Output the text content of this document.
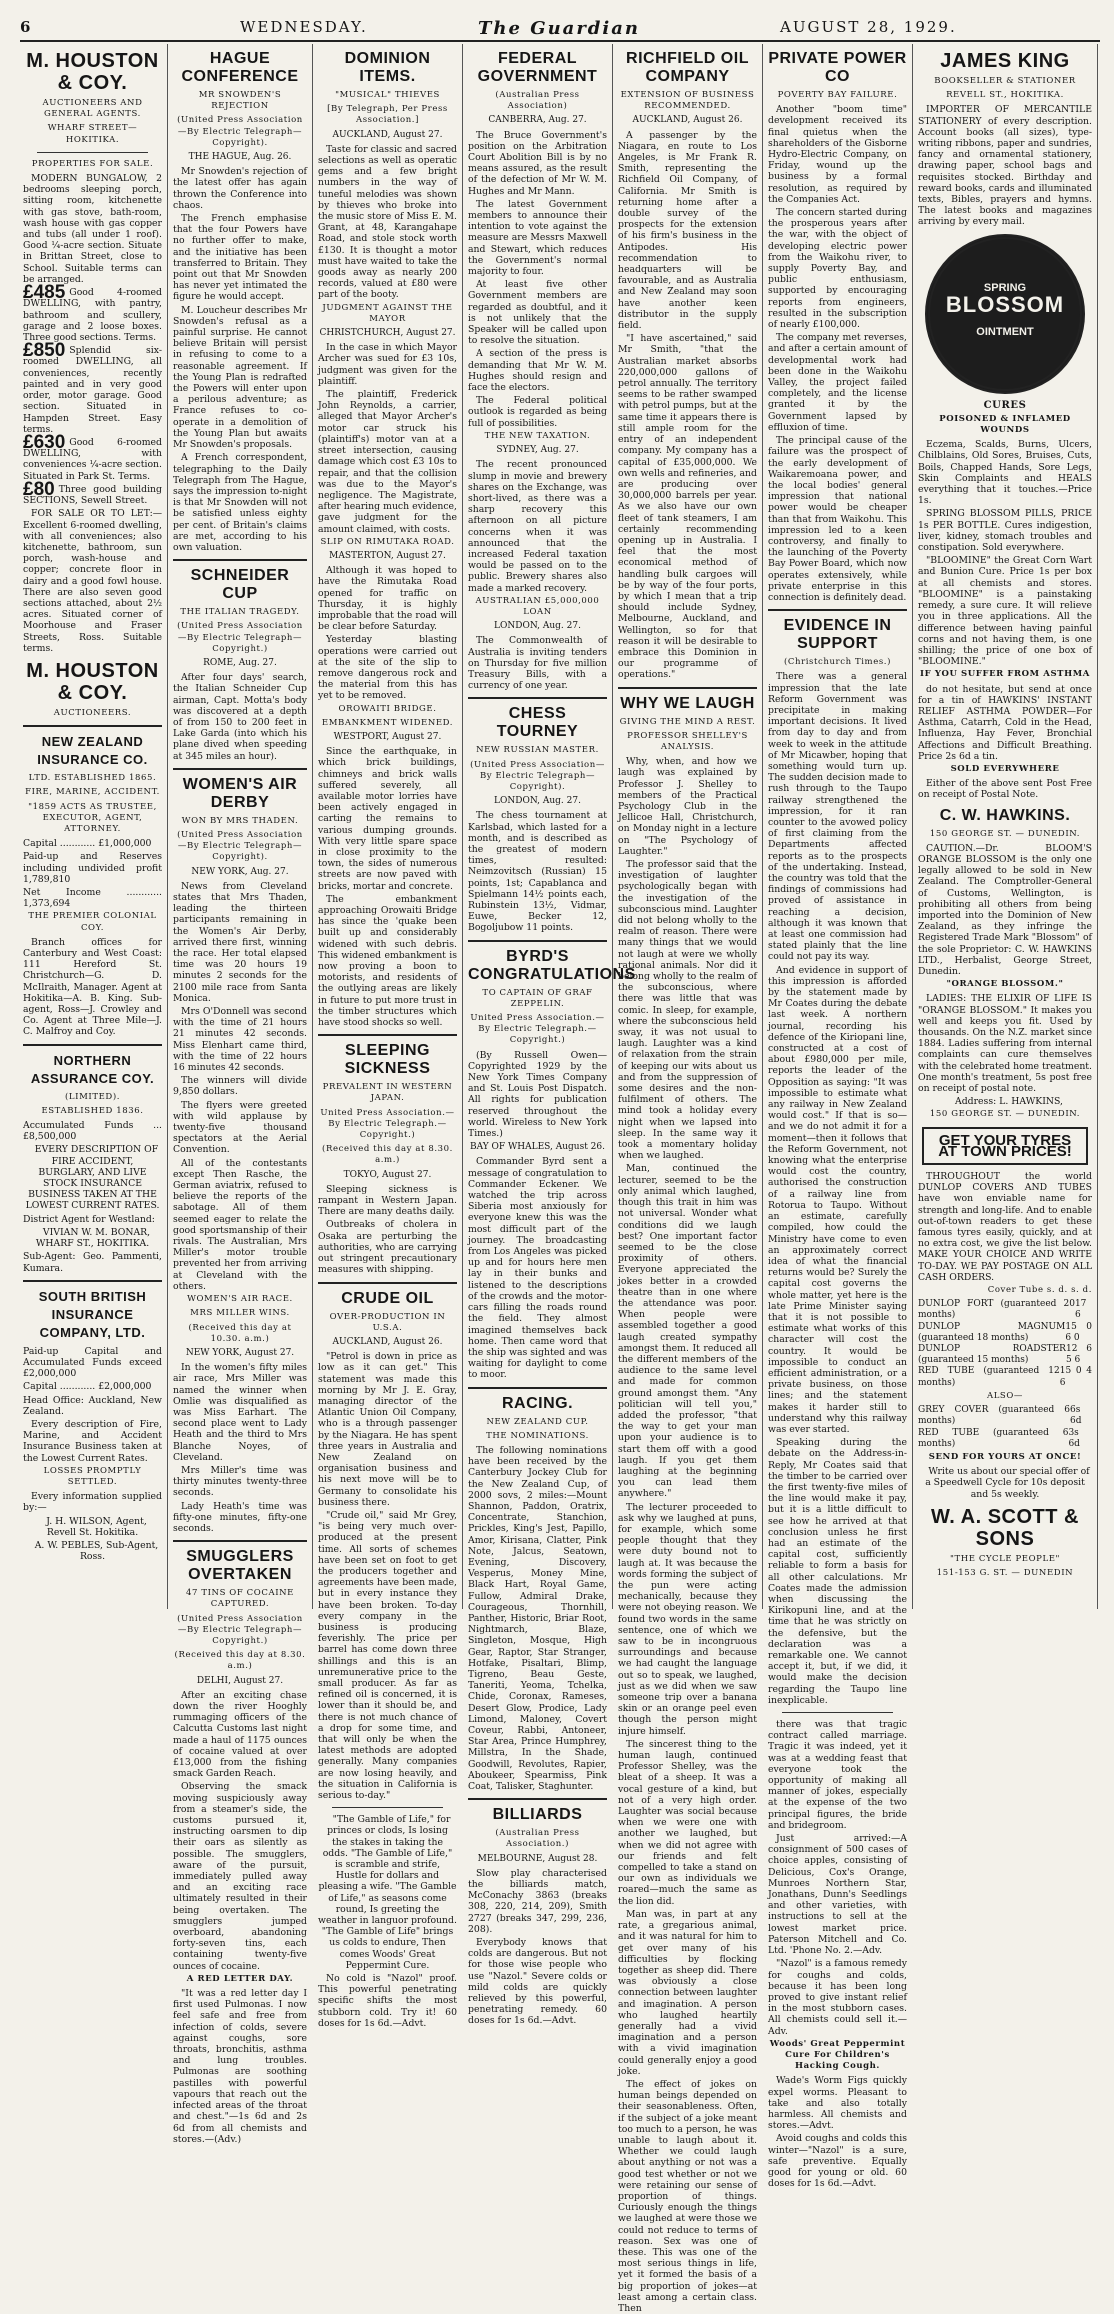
6	WEDNESDAY.	The Guardian	AUGUST 28, 1929.
M. HOUSTON & COY.
AUCTIONEERS AND GENERAL AGENTS.
WHARF STREET—HOKITIKA.
PROPERTIES FOR SALE.

MODERN BUNGALOW, 2 bedrooms sleeping porch, sitting room, kitchenette with gas stove, bath-room, wash house with gas copper and tubs (all under 1 roof). Good ¼-acre section. Situate in Brittan Street, close to School. Suitable terms can be arranged.

£485 Good 4-roomed DWELLING, with pantry, bathroom and scullery, garage and 2 loose boxes. Three good sections. Terms.

£850 Splendid six-roomed DWELLING, all conveniences, recently painted and in very good order, motor garage. Good section. Situated in Hampden Street. Easy terms.

£630 Good 6-roomed DWELLING, with conveniences ¼-acre section. Situated in Park St. Terms.

£80 Three good building SECTIONS, Sewell Street.

FOR SALE OR TO LET:—Excellent 6-roomed dwelling, with all conveniences; also kitchenette, bathroom, sun porch, wash-house and copper; concrete floor in dairy and a good fowl house. There are also seven good sections attached, about 2½ acres. Situated corner of Moorhouse and Fraser Streets, Ross. Suitable terms.

M. HOUSTON & COY.
AUCTIONEERS.
NEW ZEALAND INSURANCE CO.
LTD. ESTABLISHED 1865.
FIRE, MARINE, ACCIDENT.
"1859 ACTS AS TRUSTEE, EXECUTOR, AGENT, ATTORNEY.

Capital ............ £1,000,000

Paid-up and Reserves including undivided profit 1,789,810

Net Income ............ 1,373,694

THE PREMIER COLONIAL COY.

Branch offices for Canterbury and West Coast: 111 Hereford St. Christchurch—G. D. McIlraith, Manager. Agent at Hokitika—A. B. King. Sub-agent, Ross—J. Crowley and Co. Agent at Three Mile—J. C. Malfroy and Coy.

NORTHERN ASSURANCE COY.
(LIMITED).
ESTABLISHED 1836.

Accumulated Funds ... £8,500,000

EVERY DESCRIPTION OF FIRE ACCIDENT, BURGLARY, AND LIVE STOCK INSURANCE BUSINESS TAKEN AT THE LOWEST CURRENT RATES.

District Agent for Westland:

VIVIAN W. M. BONAR, WHARF ST., HOKITIKA.

Sub-Agent: Geo. Pammenti, Kumara.

SOUTH BRITISH INSURANCE COMPANY, LTD.

Paid-up Capital and Accumulated Funds exceed £2,000,000

Capital ............ £2,000,000

Head Office: Auckland, New Zealand.

Every description of Fire, Marine, and Accident Insurance Business taken at the Lowest Current Rates.

LOSSES PROMPTLY SETTLED.

Every information supplied by:—

J. H. WILSON, Agent, Revell St. Hokitika.

A. W. PEBLES, Sub-Agent, Ross.

HAGUE CONFERENCE
MR SNOWDEN'S REJECTION
(United Press Association—By Electric Telegraph—Copyright).
THE HAGUE, Aug. 26.

Mr Snowden's rejection of the latest offer has again thrown the Conference into chaos.

The French emphasise that the four Powers have no further offer to make, and the initiative has been transferred to Britain. They point out that Mr Snowden has never yet intimated the figure he would accept.

M. Loucheur describes Mr Snowden's refusal as a painful surprise. He cannot believe Britain will persist in refusing to come to a reasonable agreement. If the Young Plan is redrafted the Powers will enter upon a perilous adventure; as France refuses to co-operate in a demolition of the Young Plan but awaits Mr Snowden's proposals.

A French correspondent, telegraphing to the Daily Telegraph from The Hague, says the impression to-night is that Mr Snowden will not be satisfied unless eighty per cent. of Britain's claims are met, according to his own valuation.

SCHNEIDER CUP
THE ITALIAN TRAGEDY.
(United Press Association—By Electric Telegraph—Copyright.)
ROME, Aug. 27.

After four days' search, the Italian Schneider Cup airman, Capt. Motta's body was discovered at a depth of from 150 to 200 feet in Lake Garda (into which his plane dived when speeding at 345 miles an hour).

WOMEN'S AIR DERBY
WON BY MRS THADEN.
(United Press Association—By Electric Telegraph—Copyright).
NEW YORK, Aug. 27.

News from Cleveland states that Mrs Thaden, leading the thirteen participants remaining in the Women's Air Derby, arrived there first, winning the race. Her total elapsed time was 20 hours 19 minutes 2 seconds for the 2100 mile race from Santa Monica.

Mrs O'Donnell was second with the time of 21 hours 21 minutes 42 seconds. Miss Elenhart came third, with the time of 22 hours 16 minutes 42 seconds.

The winners will divide 9,850 dollars.

The flyers were greeted with wild applause by twenty-five thousand spectators at the Aerial Convention.

All of the contestants except Then Rasche, the German aviatrix, refused to believe the reports of the sabotage. All of them seemed eager to relate the good sportsmanship of their rivals. The Australian, Mrs Miller's motor trouble prevented her from arriving at Cleveland with the others.

WOMEN'S AIR RACE.
MRS MILLER WINS.
(Received this day at 10.30. a.m.)
NEW YORK, August 27.

In the women's fifty miles air race, Mrs Miller was named the winner when Omlie was disqualified as was Miss Earhart. The second place went to Lady Heath and the third to Mrs Blanche Noyes, of Cleveland.

Mrs Miller's time was thirty minutes twenty-three seconds.

Lady Heath's time was fifty-one minutes, fifty-one seconds.

SMUGGLERS OVERTAKEN
47 TINS OF COCAINE CAPTURED.
(United Press Association—By Electric Telegraph—Copyright.)
(Received this day at 8.30. a.m.)
DELHI, August 27.

After an exciting chase down the river Hooghly rummaging officers of the Calcutta Customs last night made a haul of 1175 ounces of cocaine valued at over £13,000 from the fishing smack Garden Reach.

Observing the smack moving suspiciously away from a steamer's side, the customs pursued it, instructing oarsmen to dip their oars as silently as possible. The smugglers, aware of the pursuit, immediately pulled away and an exciting race ultimately resulted in their being overtaken. The smugglers jumped overboard, abandoning forty-seven tins, each containing twenty-five ounces of cocaine.

A RED LETTER DAY.

"It was a red letter day I first used Pulmonas. I now feel safe and free from infection of colds, severe against coughs, sore throats, bronchitis, asthma and lung troubles. Pulmonas are soothing pastilles with powerful vapours that reach out the infected areas of the throat and chest."—1s 6d and 2s 6d from all chemists and stores.—(Adv.)

DOMINION ITEMS.
"MUSICAL" THIEVES
[By Telegraph, Per Press Association.]
AUCKLAND, August 27.

Taste for classic and sacred selections as well as operatic gems and a few bright numbers in the way of tuneful melodies was shown by thieves who broke into the music store of Miss E. M. Grant, at 48, Karangahape Road, and stole stock worth £130. It is thought a motor must have waited to take the goods away as nearly 200 records, valued at £80 were part of the booty.

JUDGMENT AGAINST THE MAYOR
CHRISTCHURCH, August 27.

In the case in which Mayor Archer was sued for £3 10s, judgment was given for the plaintiff.

The plaintiff, Frederick John Reynolds, a carrier, alleged that Mayor Archer's motor car struck his (plaintiff's) motor van at a street intersection, causing damage which cost £3 10s to repair, and that the collision was due to the Mayor's negligence. The Magistrate, after hearing much evidence, gave judgment for the amount claimed, with costs.

SLIP ON RIMUTAKA ROAD.
MASTERTON, August 27.

Although it was hoped to have the Rimutaka Road opened for traffic on Thursday, it is highly improbable that the road will be clear before Saturday.

Yesterday blasting operations were carried out at the site of the slip to remove dangerous rock and the material from this has yet to be removed.

OROWAITI BRIDGE.
EMBANKMENT WIDENED.
WESTPORT, August 27.

Since the earthquake, in which brick buildings, chimneys and brick walls suffered severely, all available motor lorries have been actively engaged in carting the remains to various dumping grounds. With very little spare space in close proximity to the town, the sides of numerous streets are now paved with bricks, mortar and concrete.

The embankment approaching Orowaiti Bridge has since the 'quake been built up and considerably widened with such debris. This widened embankment is now proving a boon to motorists, and residents of the outlying areas are likely in future to put more trust in the timber structures which have stood shocks so well.

SLEEPING SICKNESS
PREVALENT IN WESTERN JAPAN.
United Press Association.—By Electric Telegraph.—Copyright.)
(Received this day at 8.30. a.m.)
TOKYO, August 27.

Sleeping sickness is rampant in Western Japan. There are many deaths daily.

Outbreaks of cholera in Osaka are perturbing the authorities, who are carrying out stringent precautionary measures with shipping.

CRUDE OIL
OVER-PRODUCTION IN U.S.A.
AUCKLAND, August 26.

"Petrol is down in price as low as it can get." This statement was made this morning by Mr J. E. Gray, managing director of the Atlantic Union Oil Company, who is a through passenger by the Niagara. He has spent three years in Australia and New Zealand on organisation business and his next move will be to Germany to consolidate his business there.

"Crude oil," said Mr Grey, "is being very much over-produced at the present time. All sorts of schemes have been set on foot to get the producers together and agreements have been made, but in every instance they have been broken. To-day every company in the business is producing feverishly. The price per barrel has come down three shillings and this is an unremunerative price to the small producer. As far as refined oil is concerned, it is lower than it should be, and there is not much chance of a drop for some time, and that will only be when the latest methods are adopted generally. Many companies are now losing heavily, and the situation in California is serious to-day."

"The Gamble of Life," for princes or clods, Is losing the stakes in taking the odds. "The Gamble of Life," is scramble and strife, Hustle for dollars and pleasing a wife. "The Gamble of Life," as seasons come round, Is greeting the weather in languor profound. "The Gamble of Life" brings us colds to endure, Then comes Woods' Great Peppermint Cure.

No cold is "Nazol" proof. This powerful penetrating specific shifts the most stubborn cold. Try it! 60 doses for 1s 6d.—Advt.

FEDERAL GOVERNMENT
(Australian Press Association)
CANBERRA, Aug. 27.

The Bruce Government's position on the Arbitration Court Abolition Bill is by no means assured, as the result of the defection of Mr W. M. Hughes and Mr Mann.

The latest Government members to announce their intention to vote against the measure are Messrs Maxwell and Stewart, which reduces the Government's normal majority to four.

At least five other Government members are regarded as doubtful, and it is not unlikely that the Speaker will be called upon to resolve the situation.

A section of the press is demanding that Mr W. M. Hughes should resign and face the electors.

The Federal political outlook is regarded as being full of possibilities.

THE NEW TAXATION.
SYDNEY, Aug. 27.

The recent pronounced slump in movie and brewery shares on the Exchange, was short-lived, as there was a sharp recovery this afternoon on all picture concerns when it was announced that the increased Federal taxation would be passed on to the public. Brewery shares also made a marked recovery.

AUSTRALIAN £5,000,000 LOAN
LONDON, Aug. 27.

The Commonwealth of Australia is inviting tenders on Thursday for five million Treasury Bills, with a currency of one year.

CHESS TOURNEY
NEW RUSSIAN MASTER.
(United Press Association—By Electric Telegraph—Copyright).
LONDON, Aug. 27.

The chess tournament at Karlsbad, which lasted for a month, and is described as the greatest of modern times, resulted: Neimzovitsch (Russian) 15 points, 1st; Capablanca and Spielmann 14½ points each, Rubinstein 13½, Vidmar, Euwe, Becker 12, Bogoljubow 11 points.

BYRD'S CONGRATULATIONS
TO CAPTAIN OF GRAF ZEPPELIN.
United Press Association.—By Electric Telegraph.—Copyright.)

(By Russell Owen—Copyrighted 1929 by the New York Times Company and St. Louis Post Dispatch. All rights for publication reserved throughout the world. Wireless to New York Times.)

BAY OF WHALES, August 26.

Commander Byrd sent a message of congratulation to Commander Eckener. We watched the trip across Siberia most anxiously for everyone knew this was the most difficult part of the journey. The broadcasting from Los Angeles was picked up and for hours here men lay in their bunks and listened to the descriptions of the crowds and the motor-cars filling the roads round the field. They almost imagined themselves back home. Then came word that the ship was sighted and was waiting for daylight to come to moor.

RACING.
NEW ZEALAND CUP.
THE NOMINATIONS.

The following nominations have been received by the Canterbury Jockey Club for the New Zealand Cup, of 2000 sovs, 2 miles:—Mount Shannon, Paddon, Oratrix, Concentrate, Stanchion, Prickles, King's Jest, Papillo, Amor, Kirisana, Clatter, Pink Note, Jalcus, Seatown, Evening, Discovery, Vesperus, Money Mine, Black Hart, Royal Game, Fullow, Admiral Drake, Courageous, Thornhill, Panther, Historic, Briar Root, Nightmarch, Blaze, Singleton, Mosque, High Gear, Raptor, Star Stranger, Hotfake, Pisaltari, Blimp, Tigreno, Beau Geste, Taneriti, Yeoma, Tchelka, Chide, Coronax, Rameses, Desert Glow, Prodice, Lady Limond, Maloney, Covert Coveur, Rabbi, Antoneer, Star Area, Prince Humphrey, Millstra, In the Shade, Goodwill, Revolutes, Rapier, Aboukeer, Spearmiss, Pink Coat, Talisker, Staghunter.

BILLIARDS
(Australian Press Association.)
MELBOURNE, August 28.

Slow play characterised the billiards match, McConachy 3863 (breaks 308, 220, 214, 209), Smith 2727 (breaks 347, 299, 236, 208).

Everybody knows that colds are dangerous. But not for those wise people who use "Nazol." Severe colds or mild colds are quickly relieved by this powerful, penetrating remedy. 60 doses for 1s 6d.—Advt.

RICHFIELD OIL COMPANY
EXTENSION OF BUSINESS RECOMMENDED.
AUCKLAND, August 26.

A passenger by the Niagara, en route to Los Angeles, is Mr Frank R. Smith, representing the Richfield Oil Company, of California. Mr Smith is returning home after a double survey of the prospects for the extension of his firm's business in the Antipodes. His recommendation to headquarters will be favourable, and as Australia and New Zealand may soon have another keen distributor in the supply field.

"I have ascertained," said Mr Smith, "that the Australian market absorbs 220,000,000 gallons of petrol annually. The territory seems to be rather swamped with petrol pumps, but at the same time it appears there is still ample room for the entry of an independent company. My company has a capital of £35,000,000. We own wells and refineries, and are producing over 30,000,000 barrels per year. As we also have our own fleet of tank steamers, I am certainly recommending opening up in Australia. I feel that the most economical method of handling bulk cargoes will be by way of the four ports, by which I mean that a trip should include Sydney, Melbourne, Auckland, and Wellington, so for that reason it will be desirable to embrace this Dominion in our programme of operations."

WHY WE LAUGH
GIVING THE MIND A REST.
PROFESSOR SHELLEY'S ANALYSIS.

Why, when, and how we laugh was explained by Professor J. Shelley to members of the Practical Psychology Club in the Jellicoe Hall, Christchurch, on Monday night in a lecture on "The Psychology of Laughter."

The professor said that the investigation of laughter psychologically began with the investigation of the subconscious mind. Laughter did not belong wholly to the realm of reason. There were many things that we would not laugh at were we wholly rational animals. Nor did it belong wholly to the realm of the subconscious, where there was little that was comic. In sleep, for example, where the subconscious held sway, it was not usual to laugh. Laughter was a kind of relaxation from the strain of keeping our wits about us and from the suppression of some desires and the non-fulfilment of others. The mind took a holiday every night when we lapsed into sleep. In the same way it took a momentary holiday when we laughed.

Man, continued the lecturer, seemed to be the only animal which laughed, though this trait in him was not universal. Wonder what conditions did we laugh best? One important factor seemed to be the close proximity of others. Everyone appreciated the jokes better in a crowded theatre than in one where the attendance was poor. When people were assembled together a good laugh created sympathy amongst them. It reduced all the different members of the audience to the same level and made for common ground amongst them. "Any politician will tell you," added the professor, "that the way to get your man upon your audience is to start them off with a good laugh. If you get them laughing at the beginning you can lead them anywhere."

The lecturer proceeded to ask why we laughed at puns, for example, which some people thought that they were duty bound not to laugh at. It was because the words forming the subject of the pun were acting mechanically, because they were not obeying reason. We found two words in the same sentence, one of which we saw to be in incongruous surroundings and because we had caught the language out so to speak, we laughed, just as we did when we saw someone trip over a banana skin or an orange peel even though the person might injure himself.

The sincerest thing to the human laugh, continued Professor Shelley, was the bleat of a sheep. It was a vocal gesture of a kind, but not of a very high order. Laughter was social because when we were one with another we laughed, but when we did not agree with our friends and felt compelled to take a stand on our own as individuals we roared—much the same as the lion did.

Man was, in part at any rate, a gregarious animal, and it was natural for him to get over many of his difficulties by flocking together as sheep did. There was obviously a close connection between laughter and imagination. A person who laughed heartily generally had a vivid imagination and a person with a vivid imagination could generally enjoy a good joke.

The effect of jokes on human beings depended on their seasonableness. Often, if the subject of a joke meant too much to a person, he was unable to laugh about it. Whether we could laugh about anything or not was a good test whether or not we were retaining our sense of proportion of things. Curiously enough the things we laughed at were those we could not reduce to terms of reason. Sex was one of these. This was one of the most serious things in life, yet it formed the basis of a big proportion of jokes—at least among a certain class. Then

PRIVATE POWER CO
POVERTY BAY FAILURE.

Another "boom time" development received its final quietus when the shareholders of the Gisborne Hydro-Electric Company, on Friday, wound up the business by a formal resolution, as required by the Companies Act.

The concern started during the prosperous years after the war, with the object of developing electric power from the Waikohu river, to supply Poverty Bay, and public enthusiasm, supported by encouraging reports from engineers, resulted in the subscription of nearly £100,000.

The company met reverses, and after a certain amount of developmental work had been done in the Waikohu Valley, the project failed completely, and the license granted it by the Government lapsed by effluxion of time.

The principal cause of the failure was the prospect of the early development of Waikaremoana power, and the local bodies' general impression that national power would be cheaper than that from Waikohu. This impression led to a keen controversy, and finally to the launching of the Poverty Bay Power Board, which now operates extensively, while private enterprise in this connection is definitely dead.

EVIDENCE IN SUPPORT
(Christchurch Times.)

There was a general impression that the late Reform Government was precipitate in making important decisions. It lived from day to day and from week to week in the attitude of Mr Micawber, hoping that something would turn up. The sudden decision made to rush through to the Taupo railway strengthened the impression, for it ran counter to the avowed policy of first claiming from the Departments affected reports as to the prospects of the undertaking. Instead, the country was told that the findings of commissions had proved of assistance in reaching a decision, although it was known that at least one commission had stated plainly that the line could not pay its way.

And evidence in support of this impression is afforded by the statement made by Mr Coates during the debate last week. A northern journal, recording his defence of the Kiriopani line, constructed at a cost of about £980,000 per mile, reports the leader of the Opposition as saying: "It was impossible to estimate what any railway in New Zealand would cost." If that is so—and we do not admit it for a moment—then it follows that the Reform Government, not knowing what the enterprise would cost the country, authorised the construction of a railway line from Rotorua to Taupo. Without an estimate, carefully compiled, how could the Ministry have come to even an approximately correct idea of what the financial returns would be? Surely the capital cost governs the whole matter, yet here is the late Prime Minister saying that it is not possible to estimate what works of this character will cost the country. It would be impossible to conduct an efficient administration, or a private business, on those lines; and the statement makes it harder still to understand why this railway was ever started.

Speaking during the debate on the Address-in-Reply, Mr Coates said that the timber to be carried over the first twenty-five miles of the line would make it pay, but it is a little difficult to see how he arrived at that conclusion unless he first had an estimate of the capital cost, sufficiently reliable to form a basis for all other calculations. Mr Coates made the admission when discussing the Kirikopuni line, and at the time that he was strictly on the defensive, but the declaration was a remarkable one. We cannot accept it, but, if we did, it would make the decision regarding the Taupo line inexplicable.

there was that tragic contract called marriage. Tragic it was indeed, yet it was at a wedding feast that everyone took the opportunity of making all manner of jokes, especially at the expense of the two principal figures, the bride and bridegroom.

Just arrived:—A consignment of 500 cases of choice apples, consisting of Delicious, Cox's Orange, Munroes Northern Star, Jonathans, Dunn's Seedlings and other varieties, with instructions to sell at the lowest market price. Paterson Mitchell and Co. Ltd. 'Phone No. 2.—Adv.

"Nazol" is a famous remedy for coughs and colds, because it has been long proved to give instant relief in the most stubborn cases. All chemists could sell it.—Adv.

Woods' Great Peppermint Cure For Children's Hacking Cough.

Wade's Worm Figs quickly expel worms. Pleasant to take and also totally harmless. All chemists and stores.—Advt.

Avoid coughs and colds this winter—"Nazol" is a sure, safe preventive. Equally good for young or old. 60 doses for 1s 6d.—Advt.

JAMES KING
BOOKSELLER & STATIONER
REVELL ST., HOKITIKA.

IMPORTER OF MERCANTILE STATIONERY of every description. Account books (all sizes), type-writing ribbons, paper and sundries, fancy and ornamental stationery, drawing paper, school bags and requisites stocked. Birthday and reward books, cards and illuminated texts, Bibles, prayers and hymns. The latest books and magazines arriving by every mail.

SPRING
BLOSSOM
OINTMENT
CURES
POISONED & INFLAMED WOUNDS

Eczema, Scalds, Burns, Ulcers, Chilblains, Old Sores, Bruises, Cuts, Boils, Chapped Hands, Sore Legs, Skin Complaints and HEALS everything that it touches.—Price 1s.

SPRING BLOSSOM PILLS, PRICE 1s PER BOTTLE. Cures indigestion, liver, kidney, stomach troubles and constipation. Sold everywhere.

"BLOOMINE" the Great Corn Wart and Bunion Cure. Price 1s per box at all chemists and stores. "BLOOMINE" is a painstaking remedy, a sure cure. It will relieve you in three applications. All the difference between having painful corns and not having them, is one shilling; the price of one box of "BLOOMINE."

IF YOU SUFFER FROM ASTHMA

do not hesitate, but send at once for a tin of HAWKINS' INSTANT RELIEF ASTHMA POWDER—For Asthma, Catarrh, Cold in the Head, Influenza, Hay Fever, Bronchial Affections and Difficult Breathing. Price 2s 6d a tin.

SOLD EVERYWHERE

Either of the above sent Post Free on receipt of Postal Note.

C. W. HAWKINS.
150 GEORGE ST. — DUNEDIN.

CAUTION.—Dr. BLOOM'S ORANGE BLOSSOM is the only one legally allowed to be sold in New Zealand. The Comptroller-General of Customs, Wellington, is prohibiting all others from being imported into the Dominion of New Zealand, as they infringe the Registered Trade Mark "Blossom" of the sole Proprietor: C. W. HAWKINS LTD., Herbalist, George Street, Dunedin.

"ORANGE BLOSSOM."

LADIES: THE ELIXIR OF LIFE IS "ORANGE BLOSSOM." It makes you well and keeps you fit. Used by thousands. On the N.Z. market since 1884. Ladies suffering from internal complaints can cure themselves with the celebrated home treatment. One month's treatment, 5s post free on receipt of postal note.

Address: L. HAWKINS,

150 GEORGE ST. — DUNEDIN.
GET YOUR TYRES AT TOWN PRICES!

THROUGHOUT the world DUNLOP COVERS AND TUBES have won enviable name for strength and long-life. And to enable out-of-town readers to get these famous tyres easily, quickly, and at no extra cost, we give the list below. MAKE YOUR CHOICE AND WRITE TO-DAY. WE PAY POSTAGE ON ALL CASH ORDERS.

Cover Tube s. d. s. d.
DUNLOP FORT (guaranteed 20 months)
17 6
DUNLOP MAGNUM (guaranteed 18 months)
15 0 6 0
DUNLOP ROADSTER (guaranteed 15 months)
12 6 5 6
RED TUBE (guaranteed 12 months)
15 0 4 6
ALSO—
GREY COVER (guaranteed 6 months)
6s 6d
RED TUBE (guaranteed 6 months)
3s 6d
SEND FOR YOURS AT ONCE!

Write us about our special offer of a Speedwell Cycle for 10s deposit and 5s weekly.

W. A. SCOTT & SONS
"THE CYCLE PEOPLE"
151-153 G. ST. — DUNEDIN
